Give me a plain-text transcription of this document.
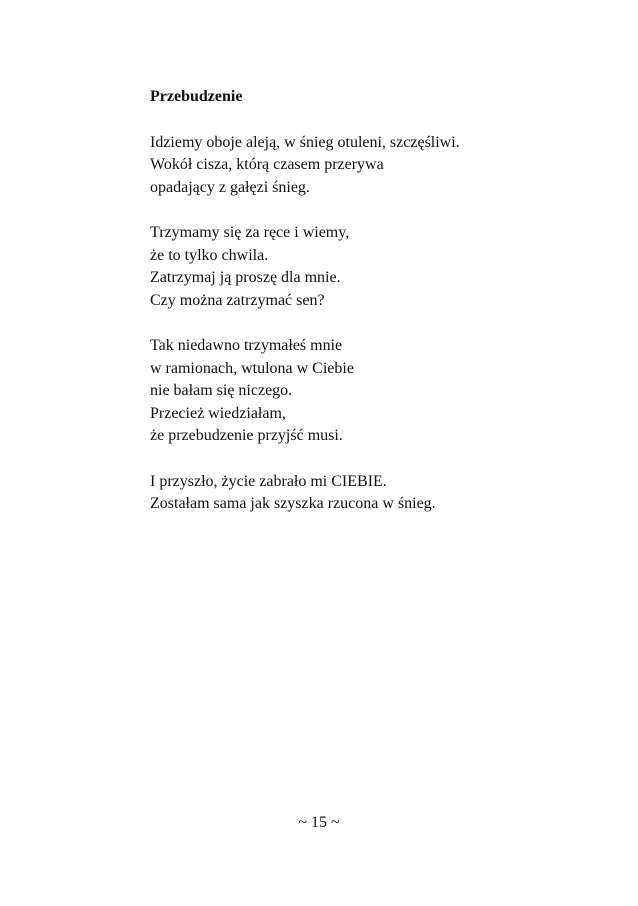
Przebudzenie
Idziemy oboje aleją, w śnieg otuleni, szczęśliwi.
Wokół cisza, którą czasem przerywa
opadający z gałęzi śnieg.
Trzymamy się za ręce i wiemy,
że to tylko chwila.
Zatrzymaj ją proszę dla mnie.
Czy można zatrzymać sen?
Tak niedawno trzymałeś mnie
w ramionach, wtulona w Ciebie
nie bałam się niczego.
Przecież wiedziałam,
że przebudzenie przyjść musi.
I przyszło, życie zabrało mi CIEBIE.
Zostałam sama jak szyszka rzucona w śnieg.
~ 15 ~
